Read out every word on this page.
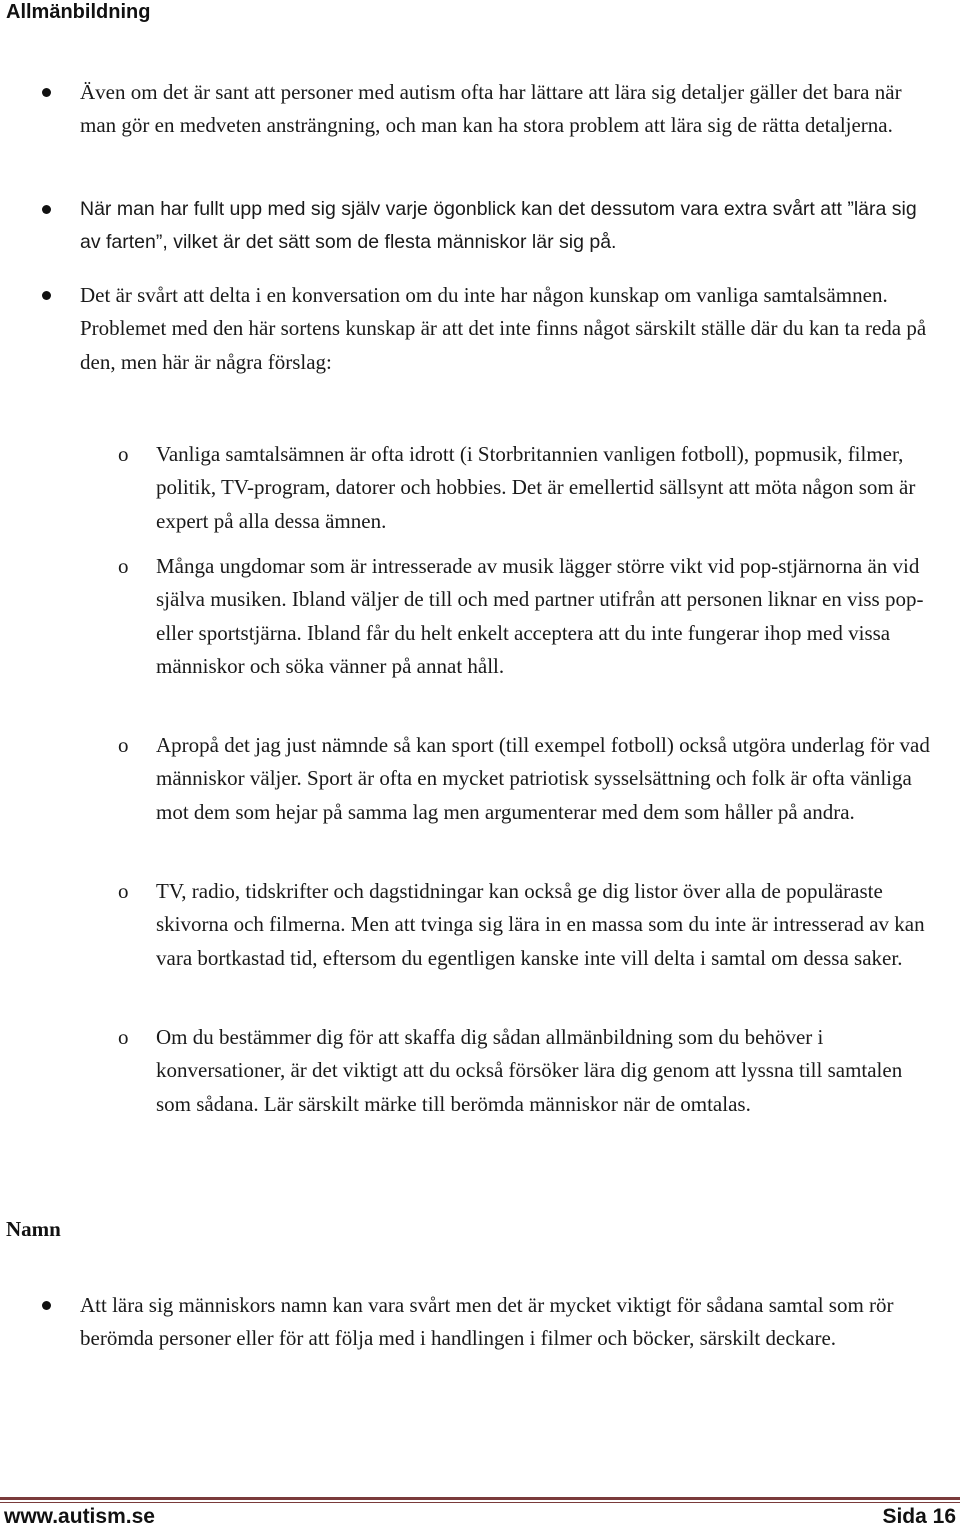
Allmänbildning
Även om det är sant att personer med autism ofta har lättare att lära sig detaljer gäller det bara när man gör en medveten ansträngning, och man kan ha stora problem att lära sig de rätta detaljerna.
När man har fullt upp med sig själv varje ögonblick kan det dessutom vara extra svårt att ”lära sig av farten”, vilket är det sätt som de flesta människor lär sig på.
Det är svårt att delta i en konversation om du inte har någon kunskap om vanliga samtalsämnen. Problemet med den här sortens kunskap är att det inte finns något särskilt ställe där du kan ta reda på den, men här är några förslag:
o Vanliga samtalsämnen är ofta idrott (i Storbritannien vanligen fotboll), popmusik, filmer, politik, TV-program, datorer och hobbies. Det är emellertid sällsynt att möta någon som är expert på alla dessa ämnen.
o Många ungdomar som är intresserade av musik lägger större vikt vid pop-stjärnorna än vid själva musiken. Ibland väljer de till och med partner utifrån att personen liknar en viss pop- eller sportstjärna. Ibland får du helt enkelt acceptera att du inte fungerar ihop med vissa människor och söka vänner på annat håll.
o Apropå det jag just nämnde så kan sport (till exempel fotboll) också utgöra underlag för vad människor väljer. Sport är ofta en mycket patriotisk sysselsättning och folk är ofta vänliga mot dem som hejar på samma lag men argumenterar med dem som håller på andra.
o TV, radio, tidskrifter och dagstidningar kan också ge dig listor över alla de populäraste skivorna och filmerna. Men att tvinga sig lära in en massa som du inte är intresserad av kan vara bortkastad tid, eftersom du egentligen kanske inte vill delta i samtal om dessa saker.
o Om du bestämmer dig för att skaffa dig sådan allmänbildning som du behöver i konversationer, är det viktigt att du också försöker lära dig genom att lyssna till samtalen som sådana. Lär särskilt märke till berömda människor när de omtalas.
Namn
Att lära sig människors namn kan vara svårt men det är mycket viktigt för sådana samtal som rör berömda personer eller för att följa med i handlingen i filmer och böcker, särskilt deckare.
www.autism.se	Sida 16
